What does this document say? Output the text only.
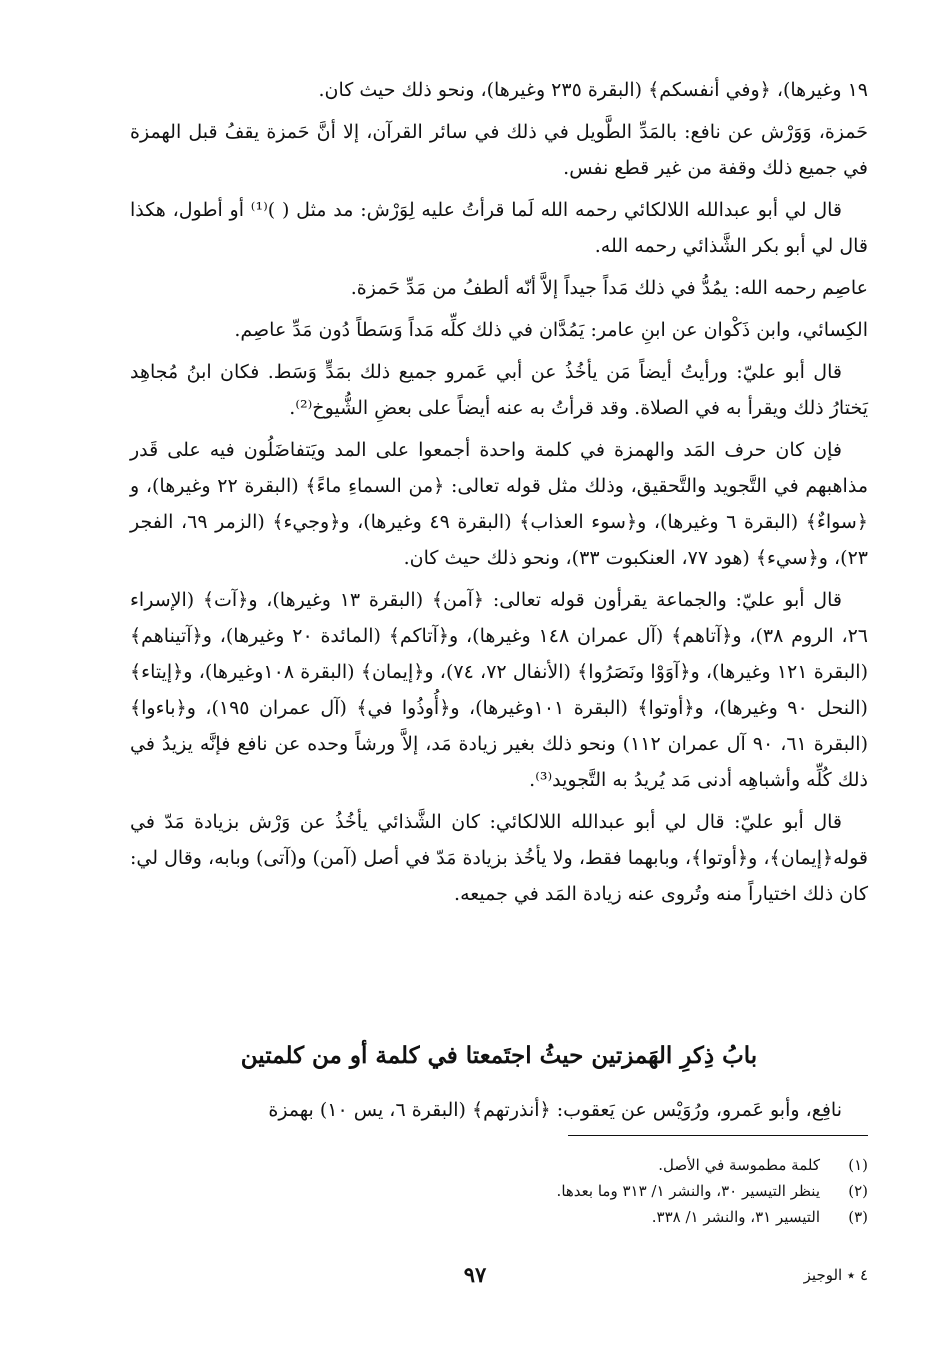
١٩ وغيرها)، ﴿وفي أنفسكم﴾ (البقرة ٢٣٥ وغيرها)، ونحو ذلك حيث كان.

حَمزة، وَوَرْش عن نافع: بالمَدِّ الطَّويل في ذلك في سائر القرآن، إلا أنَّ حَمزة يقفُ قبل الهمزة في جميع ذلك وقفة من غير قطع نفس.

قال لي أبو عبدالله اللالكائي رحمه الله لَما قرأتُ عليه لِوَرْش: مد مثل ( )⁽¹⁾ أو أطول، هكذا قال لي أبو بكر الشَّذائي رحمه الله.

عاصِم رحمه الله: يمُدُّ في ذلك مَداً جيداً إلاَّ أنّه ألطفُ من مَدِّ حَمزة.

الكِسائي، وابن ذَكْوان عن ابنِ عامر: يَمُدَّان في ذلك كلِّه مَداً وَسَطاً دُون مَدِّ عاصِم.

قال أبو عليّ: ورأيتُ أيضاً مَن يأخُذُ عن أبي عَمرو جميع ذلك بمَدٍّ وَسَط. فكان ابنُ مُجاهِد يَختارُ ذلك ويقرأ به في الصلاة. وقد قرأتُ به عنه أيضاً على بعضِ الشُّيوخ⁽²⁾.

فإن كان حرف المَد والهمزة في كلمة واحدة أجمعوا على المد ويَتفاضَلُون فيه على قَدر مذاهبهم في التَّجويد والتَّحقيق، وذلك مثل قوله تعالى: ﴿من السماءِ ماءً﴾ (البقرة ٢٢ وغيرها)، و ﴿سواءٌ﴾ (البقرة ٦ وغيرها)، و﴿سوء العذاب﴾ (البقرة ٤٩ وغيرها)، و﴿وجيء﴾ (الزمر ٦٩، الفجر ٢٣)، و﴿سيء﴾ (هود ٧٧، العنكبوت ٣٣)، ونحو ذلك حيث كان.

قال أبو عليّ: والجماعة يقرأون قوله تعالى: ﴿آمن﴾ (البقرة ١٣ وغيرها)، و﴿آت﴾ (الإسراء ٢٦، الروم ٣٨)، و﴿آتاهم﴾ (آل عمران ١٤٨ وغيرها)، و﴿آتاكم﴾ (المائدة ٢٠ وغيرها)، و﴿آتيناهم﴾ (البقرة ١٢١ وغيرها)، و﴿آوَوْا ونَصَرُوا﴾ (الأنفال ٧٢، ٧٤)، و﴿إيمان﴾ (البقرة ١٠٨وغيرها)، و﴿إيتاء﴾ (النحل ٩٠ وغيرها)، و﴿أوتوا﴾ (البقرة ١٠١وغيرها)، و﴿أُوذُوا في﴾ (آل عمران ١٩٥)، و﴿باءوا﴾ (البقرة ٦١، ٩٠ آل عمران ١١٢) ونحو ذلك بغير زيادة مَد، إلاَّ ورشاً وحده عن نافع فإنَّه يزيدُ في ذلك كُلِّه وأشباهِه أدنى مَد يُريدُ به التَّجويد⁽³⁾.

قال أبو عليّ: قال لي أبو عبدالله اللالكائي: كان الشَّذائي يأخُذُ عن وَرْش بزيادة مَدّ في قوله﴿إيمان﴾، و﴿أوتوا﴾، وبابهما فقط، ولا يأخُذ بزيادة مَدّ في أصل (آمن) و(آتى) وبابه، وقال لي: كان ذلك اختياراً منه وتُروى عنه زيادة المَد في جميعه.

بابُ ذِكرِ الهَمزتين حيثُ اجتَمعتا في كلمة أو من كلمتين
نافِع، وأبو عَمرو، ورُوَيْس عن يَعقوب: ﴿أنذرتهم﴾ (البقرة ٦، يس ١٠) بهمزة
(١)
كلمة مطموسة في الأصل.
(٢)
ينظر التيسير ٣٠، والنشر ١/ ٣١٣ وما بعدها.
(٣)
التيسير ٣١، والنشر ١/ ٣٣٨.
٩٧	٤ ٭ الوجيز
